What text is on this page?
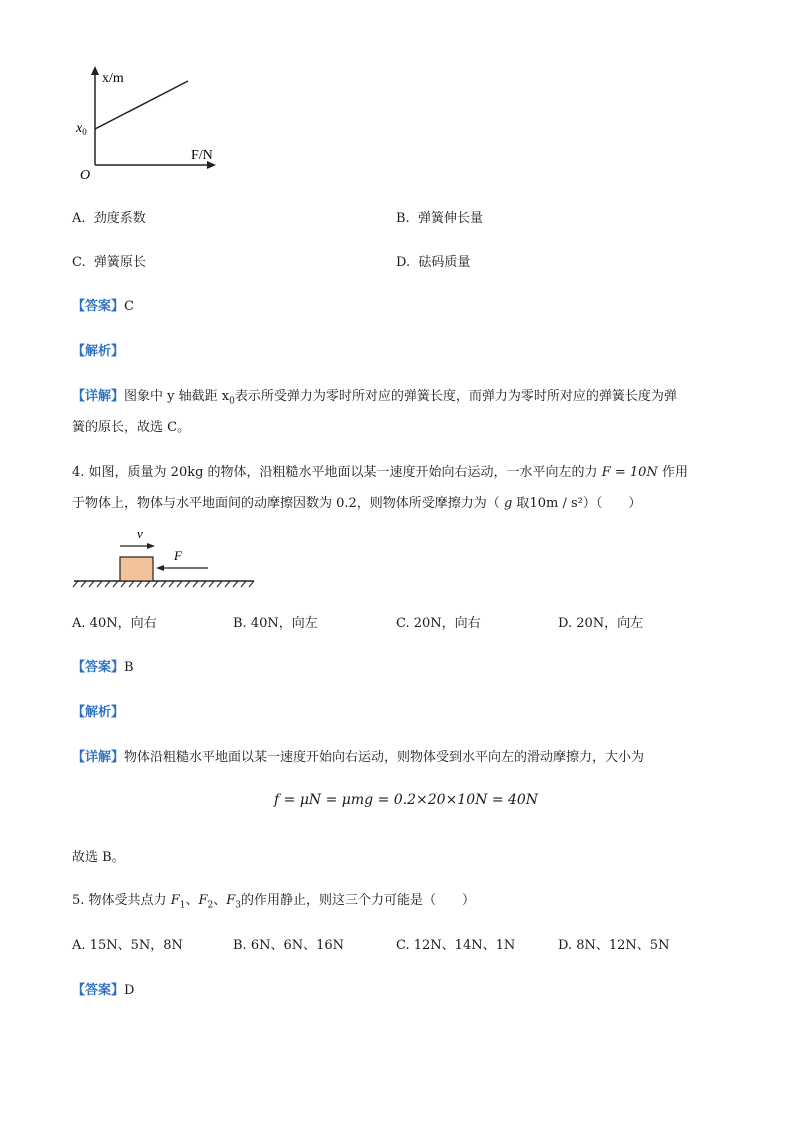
x/m
F/N
O
$x_0$
A. 劲度系数	B. 弹簧伸长量
C. 弹簧原长	D. 砝码质量
【答案】C
【解析】
【详解】图象中 y 轴截距 $x_0$表示所受弹力为零时所对应的弹簧长度，而弹力为零时所对应的弹簧长度为弹
簧的原长，故选 C。
4. 如图，质量为 20kg 的物体，沿粗糙水平地面以某一速度开始向右运动，一水平向左的力 F = 10N 作用
于物体上，物体与水平地面间的动摩擦因数为 0.2，则物体所受摩擦力为（ g 取10m / s²）（　　）
v
F
A. 40N，向右	B. 40N，向左	C. 20N，向右	D. 20N，向左
【答案】B
【解析】
【详解】物体沿粗糙水平地面以某一速度开始向右运动，则物体受到水平向左的滑动摩擦力，大小为
f = μN = μmg = 0.2×20×10N = 40N
故选 B。
5. 物体受共点力 $F_1$、$F_2$、$F_3$的作用静止，则这三个力可能是（　　）
A. 15N、5N，8N	B. 6N、6N、16N	C. 12N、14N、1N	D. 8N、12N、5N
【答案】D
